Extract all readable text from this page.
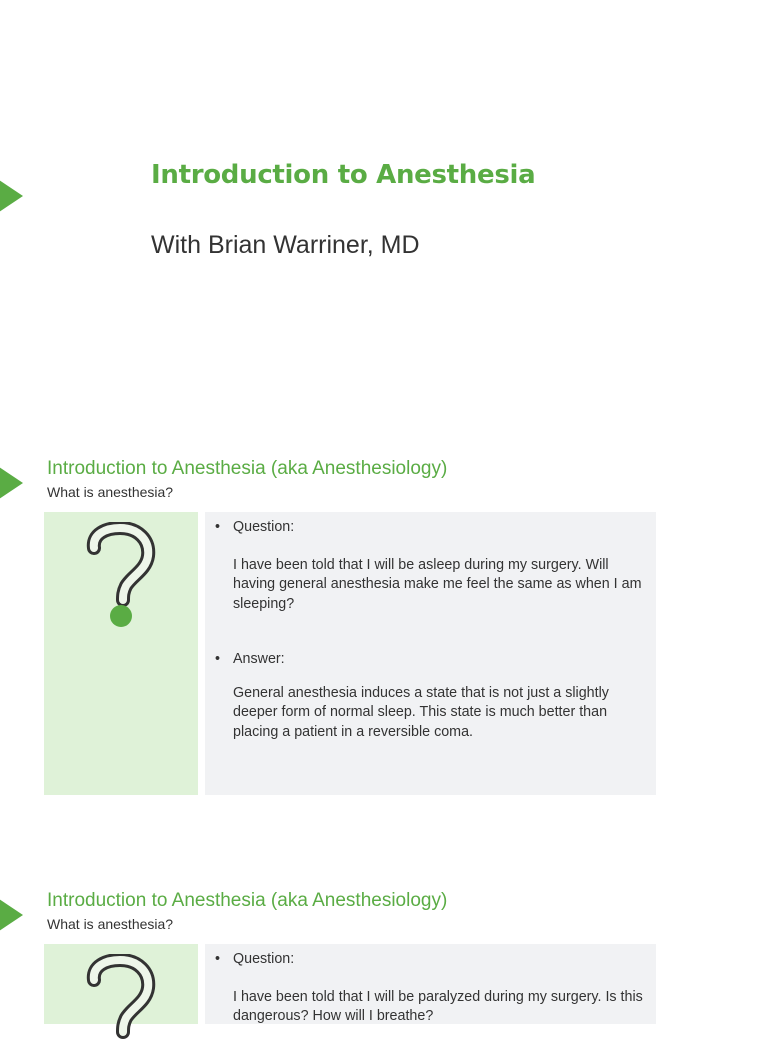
Introduction to Anesthesia

With Brian Warriner, MD

Introduction to Anesthesia (aka Anesthesiology)

What is anesthesia?

• Question:

I have been told that I will be asleep during my surgery. Will having general anesthesia make me feel the same as when I am sleeping?

• Answer:

General anesthesia induces a state that is not just a slightly deeper form of normal sleep. This state is much better than placing a patient in a reversible coma.

Introduction to Anesthesia (aka Anesthesiology)

What is anesthesia?

• Question:

I have been told that I will be paralyzed during my surgery. Is this dangerous? How will I breathe?
